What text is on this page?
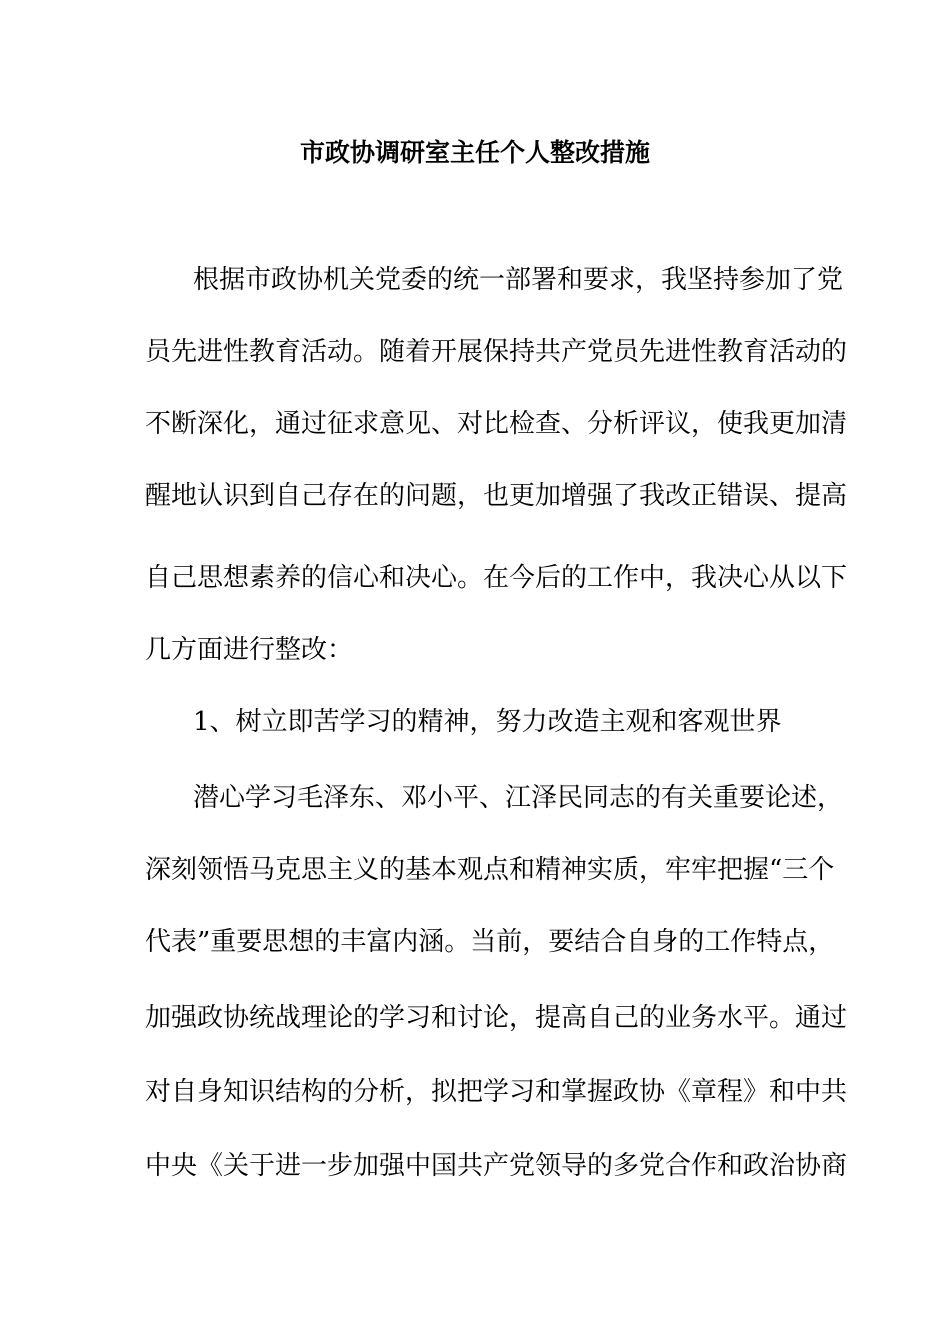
市政协调研室主任个人整改措施
根据市政协机关党委的统一部署和要求，我坚持参加了党
员先进性教育活动。随着开展保持共产党员先进性教育活动的
不断深化，通过征求意见、对比检查、分析评议，使我更加清
醒地认识到自己存在的问题，也更加增强了我改正错误、提高
自己思想素养的信心和决心。在今后的工作中，我决心从以下
几方面进行整改：
1、树立即苦学习的精神，努力改造主观和客观世界
潜心学习毛泽东、邓小平、江泽民同志的有关重要论述，
深刻领悟马克思主义的基本观点和精神实质，牢牢把握“三个
代表”重要思想的丰富内涵。当前，要结合自身的工作特点，
加强政协统战理论的学习和讨论，提高自己的业务水平。通过
对自身知识结构的分析，拟把学习和掌握政协《章程》和中共
中央《关于进一步加强中国共产党领导的多党合作和政治协商
